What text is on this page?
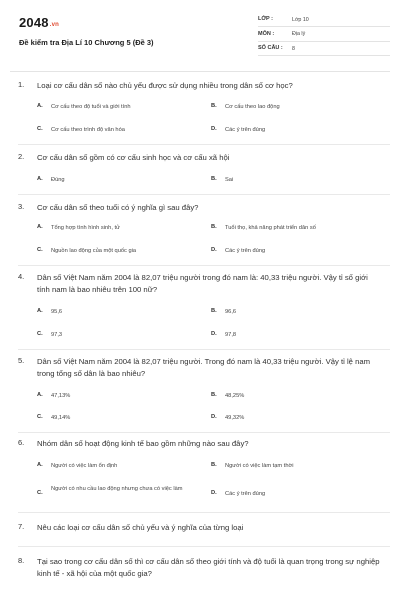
2048.vn
Đề kiểm tra Địa Lí 10 Chương 5 (Đề 3)
LỚP :	Lớp 10
MÔN :	Địa lý
SỐ CÂU : 8
1. Loại cơ cấu dân số nào chủ yếu được sử dụng nhiều trong dân số cơ học?
A. Cơ cấu theo độ tuổi và giới tính	B. Cơ cấu theo lao động
C. Cơ cấu theo trình độ văn hóa	D. Các ý trên đúng
2. Cơ cấu dân số gồm có cơ cấu sinh học và cơ cấu xã hội
A. Đúng	B. Sai
3. Cơ cấu dân số theo tuổi có ý nghĩa gì sau đây?
A. Tổng hợp tình hình sinh, tử	B. Tuổi thọ, khả năng phát triển dân số
C. Nguồn lao động của một quốc gia	D. Các ý trên đúng
4. Dân số Việt Nam năm 2004 là 82,07 triệu người trong đó nam là: 40,33 triệu người. Vậy tỉ số giới tính nam là bao nhiêu trên 100 nữ?
A. 95,6	B. 96,6
C. 97,3	D. 97,8
5. Dân số Việt Nam năm 2004 là 82,07 triệu người. Trong đó nam là 40,33 triệu người. Vậy tỉ lệ nam trong tổng số dân là bao nhiêu?
A. 47,13%	B. 48,25%
C. 49,14%	D. 49,32%
6. Nhóm dân số hoạt động kinh tế bao gồm những nào sau đây?
A. Người có việc làm ổn định	B. Người có việc làm tạm thời
C.
Người có nhu cầu lao động nhưng chưa có việc làm
D. Các ý trên đúng
7. Nêu các loại cơ cấu dân số chủ yếu và ý nghĩa của từng loại
8. Tại sao trong cơ cấu dân số thì cơ cấu dân số theo giới tính và độ tuổi là quan trọng trong sự nghiệp kinh tế - xã hội của một quốc gia?
